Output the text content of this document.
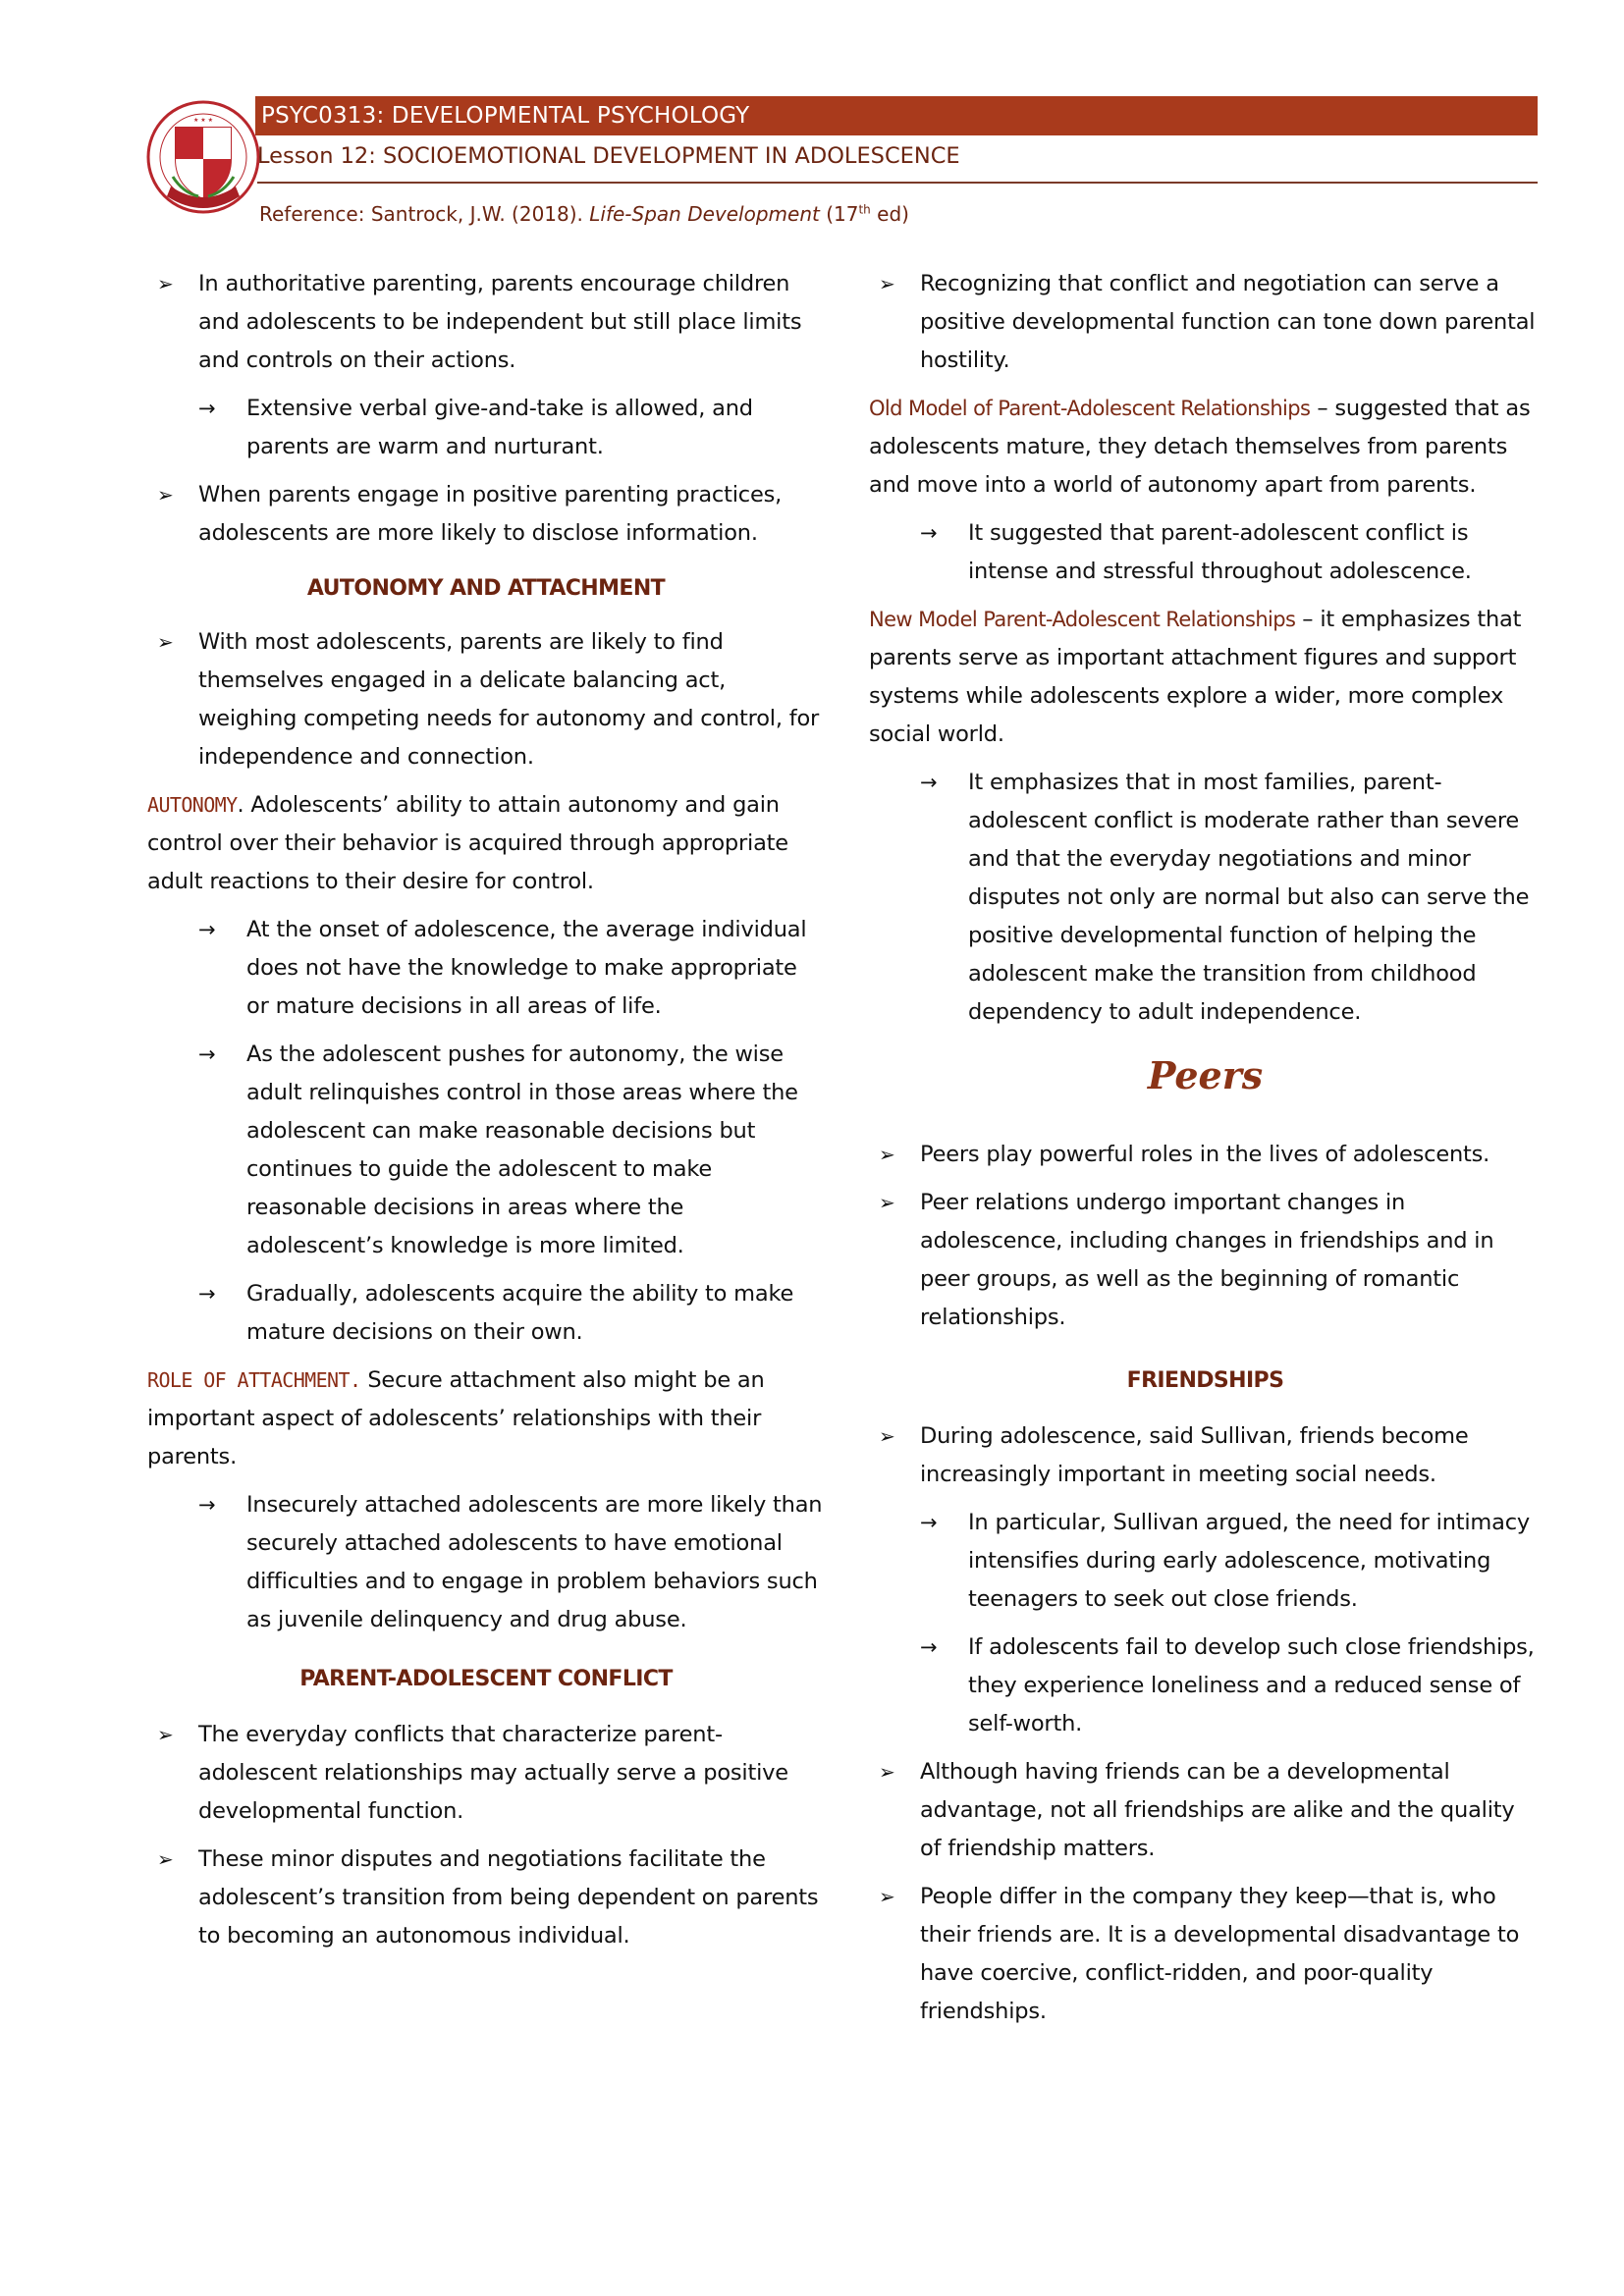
★ ★ ★ PSYC0313: DEVELOPMENTAL PSYCHOLOGY
Lesson 12: SOCIOEMOTIONAL DEVELOPMENT IN ADOLESCENCE
Reference: Santrock, J.W. (2018). Life-Span Development (17th ed)
➢ In authoritative parenting, parents encourage children and adolescents to be independent but still place limits and controls on their actions.
→ Extensive verbal give-and-take is allowed, and parents are warm and nurturant.
➢ When parents engage in positive parenting practices, adolescents are more likely to disclose information.
AUTONOMY AND ATTACHMENT
➢ With most adolescents, parents are likely to find themselves engaged in a delicate balancing act, weighing competing needs for autonomy and control, for independence and connection.
AUTONOMY. Adolescents’ ability to attain autonomy and gain control over their behavior is acquired through appropriate adult reactions to their desire for control.
→ At the onset of adolescence, the average individual does not have the knowledge to make appropriate or mature decisions in all areas of life.
→ As the adolescent pushes for autonomy, the wise adult relinquishes control in those areas where the adolescent can make reasonable decisions but continues to guide the adolescent to make reasonable decisions in areas where the adolescent’s knowledge is more limited.
→ Gradually, adolescents acquire the ability to make mature decisions on their own.
ROLE OF ATTACHMENT. Secure attachment also might be an important aspect of adolescents’ relationships with their parents.
→ Insecurely attached adolescents are more likely than securely attached adolescents to have emotional difficulties and to engage in problem behaviors such as juvenile delinquency and drug abuse.
PARENT-ADOLESCENT CONFLICT
➢ The everyday conflicts that characterize parent-adolescent relationships may actually serve a positive developmental function.
➢ These minor disputes and negotiations facilitate the adolescent’s transition from being dependent on parents to becoming an autonomous individual.
➢ Recognizing that conflict and negotiation can serve a positive developmental function can tone down parental hostility.
Old Model of Parent-Adolescent Relationships – suggested that as adolescents mature, they detach themselves from parents and move into a world of autonomy apart from parents.
→ It suggested that parent-adolescent conflict is intense and stressful throughout adolescence.
New Model Parent-Adolescent Relationships – it emphasizes that parents serve as important attachment figures and support systems while adolescents explore a wider, more complex social world.
→ It emphasizes that in most families, parent-adolescent conflict is moderate rather than severe and that the everyday negotiations and minor disputes not only are normal but also can serve the positive developmental function of helping the adolescent make the transition from childhood dependency to adult independence.
Peers
➢ Peers play powerful roles in the lives of adolescents.
➢ Peer relations undergo important changes in adolescence, including changes in friendships and in peer groups, as well as the beginning of romantic relationships.
FRIENDSHIPS
➢ During adolescence, said Sullivan, friends become increasingly important in meeting social needs.
→ In particular, Sullivan argued, the need for intimacy intensifies during early adolescence, motivating teenagers to seek out close friends.
→ If adolescents fail to develop such close friendships, they experience loneliness and a reduced sense of self-worth.
➢ Although having friends can be a developmental advantage, not all friendships are alike and the quality of friendship matters.
➢ People differ in the company they keep—that is, who their friends are. It is a developmental disadvantage to have coercive, conflict-ridden, and poor-quality friendships.
